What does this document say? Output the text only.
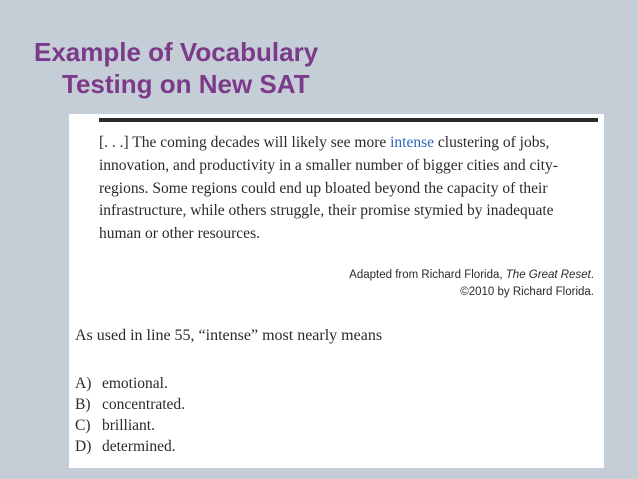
Example of Vocabulary
Testing on New SAT

[. . .] The coming decades will likely see more intense clustering of jobs, innovation, and productivity in a smaller number of bigger cities and city-regions. Some regions could end up bloated beyond the capacity of their infrastructure, while others struggle, their promise stymied by inadequate human or other resources.

Adapted from Richard Florida, The Great Reset.
©2010 by Richard Florida.

As used in line 55, “intense” most nearly means

A) emotional.
B) concentrated.
C) brilliant.
D) determined.
